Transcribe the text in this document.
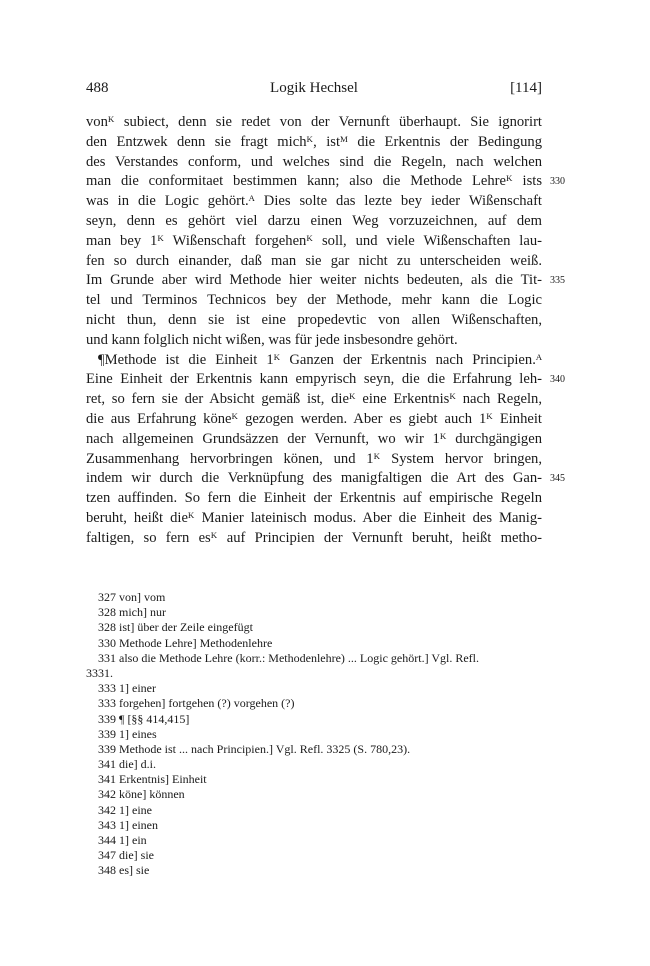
488	Logik Hechsel	[114]
vonᴷ subiect, denn sie redet von der Vernunft überhaupt. Sie ignorirt
den Entzwek denn sie fragt michᴷ, istᴹ die Erkentnis der Bedingung
des Verstandes conform, und welches sind die Regeln, nach welchen
man die conformitaet bestimmen kann; also die Methode Lehreᴷ ists 330
was in die Logic gehört.ᴬ Dies solte das lezte bey ieder Wißenschaft
seyn, denn es gehört viel darzu einen Weg vorzuzeichnen, auf dem
man bey 1ᴷ Wißenschaft forgehenᴷ soll, und viele Wißenschaften lau-
fen so durch einander, daß man sie gar nicht zu unterscheiden weiß.
Im Grunde aber wird Methode hier weiter nichts bedeuten, als die Tit- 335
tel und Terminos Technicos bey der Methode, mehr kann die Logic
nicht thun, denn sie ist eine propedevtic von allen Wißenschaften,
und kann folglich nicht wißen, was für jede insbesondre gehört.
¶Methode ist die Einheit 1ᴷ Ganzen der Erkentnis nach Principien.ᴬ
Eine Einheit der Erkentnis kann empyrisch seyn, die die Erfahrung leh- 340
ret, so fern sie der Absicht gemäß ist, dieᴷ eine Erkentnisᴷ nach Regeln,
die aus Erfahrung köneᴷ gezogen werden. Aber es giebt auch 1ᴷ Einheit
nach allgemeinen Grundsäzzen der Vernunft, wo wir 1ᴷ durchgängigen
Zusammenhang hervorbringen könen, und 1ᴷ System hervor bringen,
indem wir durch die Verknüpfung des manigfaltigen die Art des Gan- 345
tzen auffinden. So fern die Einheit der Erkentnis auf empirische Regeln
beruht, heißt dieᴷ Manier lateinisch modus. Aber die Einheit des Manig-
faltigen, so fern esᴷ auf Principien der Vernunft beruht, heißt metho-
327 von] vom
328 mich] nur
328 ist] über der Zeile eingefügt
330 Methode Lehre] Methodenlehre
331 also die Methode Lehre (korr.: Methodenlehre) ... Logic gehört.] Vgl. Refl.
3331.
333 1] einer
333 forgehen] fortgehen (?) vorgehen (?)
339 ¶ [§§ 414,415]
339 1] eines
339 Methode ist ... nach Principien.] Vgl. Refl. 3325 (S. 780,23).
341 die] d.i.
341 Erkentnis] Einheit
342 köne] können
342 1] eine
343 1] einen
344 1] ein
347 die] sie
348 es] sie
